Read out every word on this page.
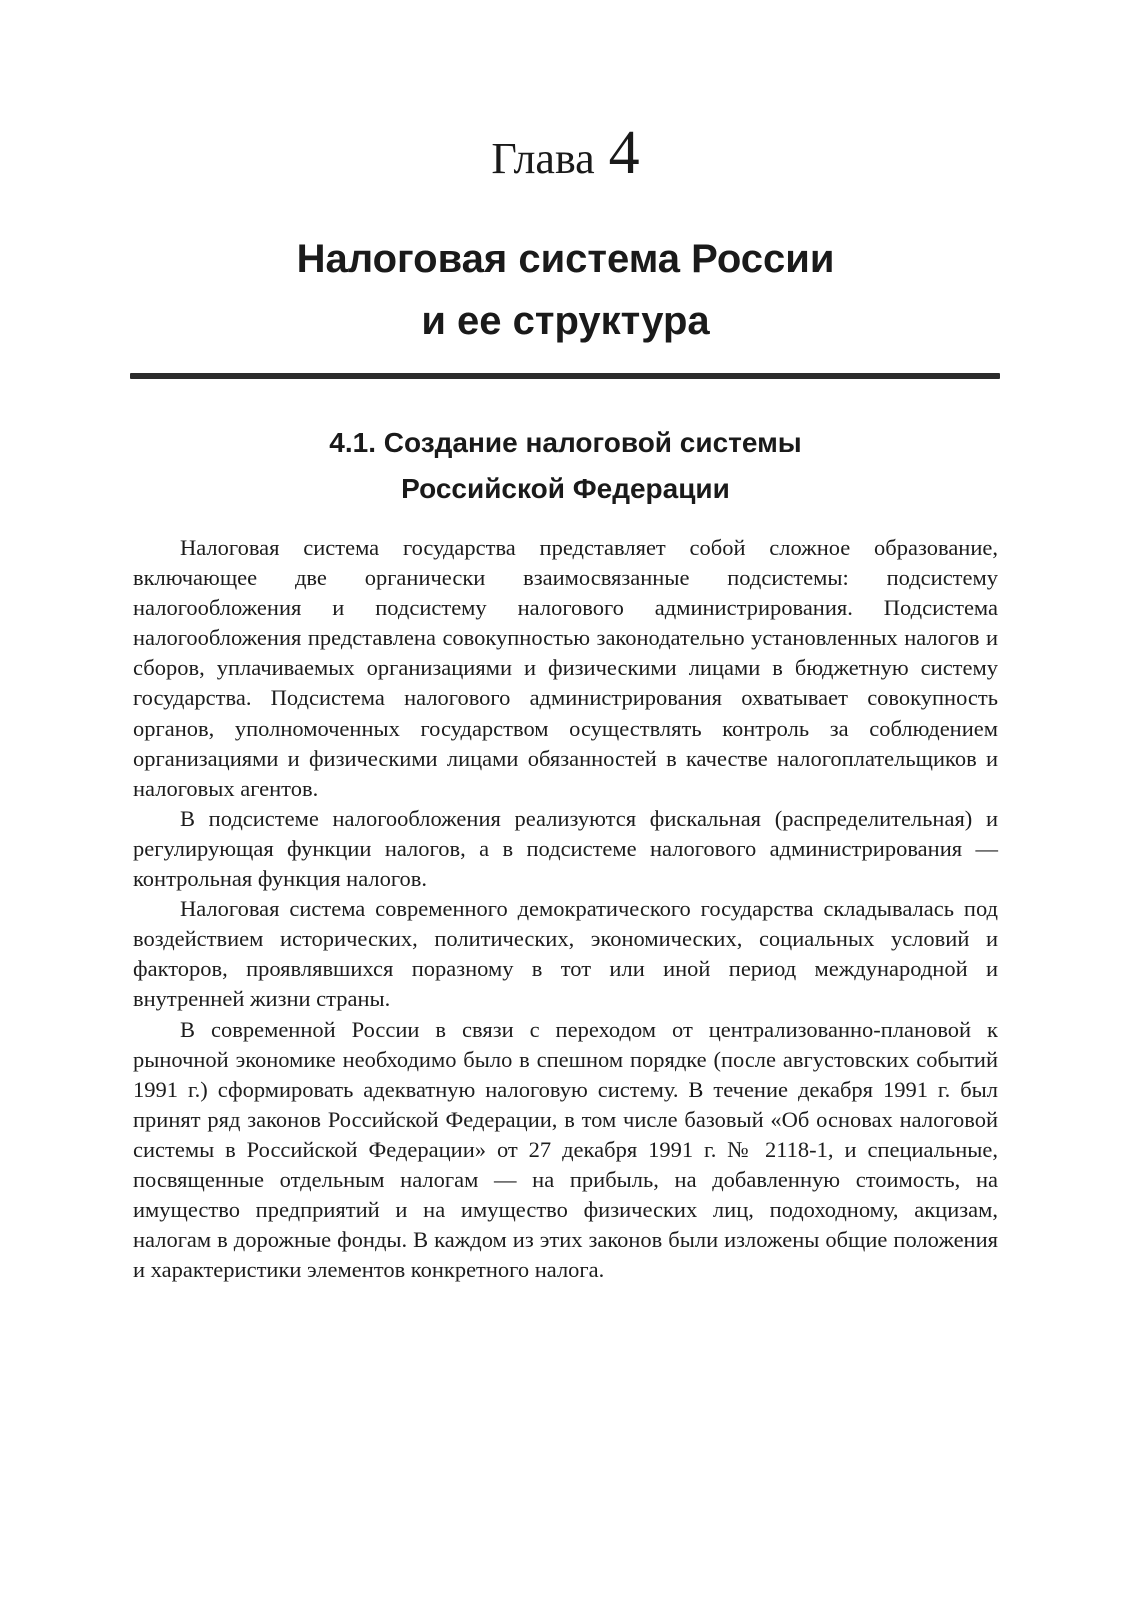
Глава 4
Налоговая система России
и ее структура
4.1. Создание налоговой системы
Российской Федерации

Налоговая система государства представляет собой сложное образование, включающее две органически взаимосвязанные подсистемы: подсистему налогообложения и подсистему налогового администрирования. Подсистема налогообложения представлена совокупностью законодательно установленных налогов и сборов, уплачиваемых организациями и физическими лицами в бюджетную систему государства. Подсистема налогового администрирования охватывает совокупность органов, уполномоченных государством осуществлять контроль за соблюдением организациями и физическими лицами обязанностей в качестве налогоплательщиков и налоговых агентов.

В подсистеме налогообложения реализуются фискальная (распределительная) и регулирующая функции налогов, а в подсистеме налогового администрирования — контрольная функция налогов.

Налоговая система современного демократического государства складывалась под воздействием исторических, политических, экономических, социальных условий и факторов, проявлявшихся поразному в тот или иной период международной и внутренней жизни страны.

В современной России в связи с переходом от централизованно-плановой к рыночной экономике необходимо было в спешном порядке (после августовских событий 1991 г.) сформировать адекватную налоговую систему. В течение декабря 1991 г. был принят ряд законов Российской Федерации, в том числе базовый «Об основах налоговой системы в Российской Федерации» от 27 декабря 1991 г. № 2118-1, и специальные, посвященные отдельным налогам — на прибыль, на добавленную стоимость, на имущество предприятий и на имущество физических лиц, подоходному, акцизам, налогам в дорожные фонды. В каждом из этих законов были изложены общие положения и характеристики элементов конкретного налога.
